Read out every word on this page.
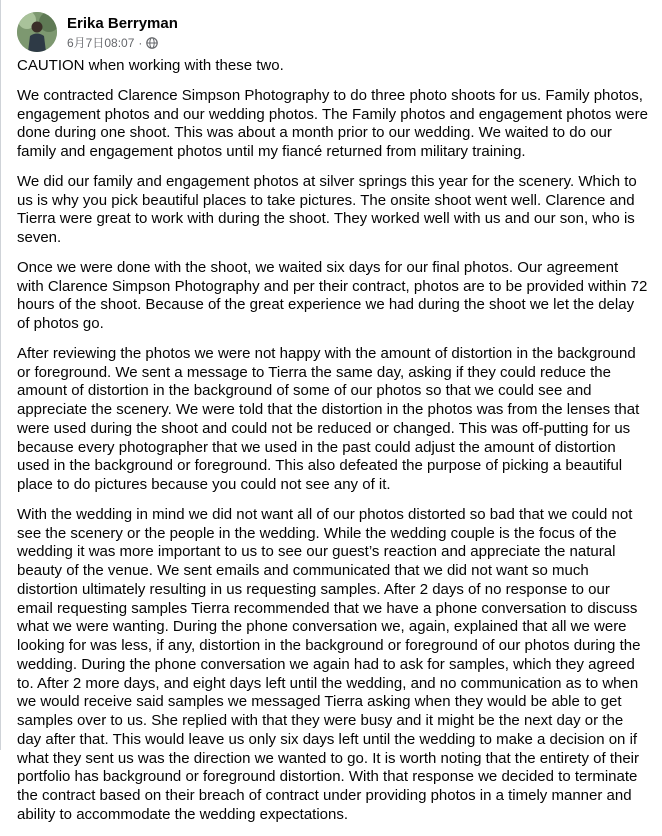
Erika Berryman
6月7日08:07 ·

CAUTION when working with these two.

We contracted Clarence Simpson Photography to do three photo shoots for us. Family photos, engagement photos and our wedding photos. The Family photos and engagement photos were done during one shoot. This was about a month prior to our wedding. We waited to do our family and engagement photos until my fiancé returned from military training.

We did our family and engagement photos at silver springs this year for the scenery. Which to us is why you pick beautiful places to take pictures. The onsite shoot went well. Clarence and Tierra were great to work with during the shoot. They worked well with us and our son, who is seven.

Once we were done with the shoot, we waited six days for our final photos. Our agreement with Clarence Simpson Photography and per their contract, photos are to be provided within 72 hours of the shoot. Because of the great experience we had during the shoot we let the delay of photos go.

After reviewing the photos we were not happy with the amount of distortion in the background or foreground. We sent a message to Tierra the same day, asking if they could reduce the amount of distortion in the background of some of our photos so that we could see and appreciate the scenery. We were told that the distortion in the photos was from the lenses that were used during the shoot and could not be reduced or changed. This was off-putting for us because every photographer that we used in the past could adjust the amount of distortion used in the background or foreground. This also defeated the purpose of picking a beautiful place to do pictures because you could not see any of it.

With the wedding in mind we did not want all of our photos distorted so bad that we could not see the scenery or the people in the wedding. While the wedding couple is the focus of the wedding it was more important to us to see our guest’s reaction and appreciate the natural beauty of the venue. We sent emails and communicated that we did not want so much distortion ultimately resulting in us requesting samples. After 2 days of no response to our email requesting samples Tierra recommended that we have a phone conversation to discuss what we were wanting. During the phone conversation we, again, explained that all we were looking for was less, if any, distortion in the background or foreground of our photos during the wedding. During the phone conversation we again had to ask for samples, which they agreed to. After 2 more days, and eight days left until the wedding, and no communication as to when we would receive said samples we messaged Tierra asking when they would be able to get samples over to us. She replied with that they were busy and it might be the next day or the day after that. This would leave us only six days left until the wedding to make a decision on if what they sent us was the direction we wanted to go. It is worth noting that the entirety of their portfolio has background or foreground distortion. With that response we decided to terminate the contract based on their breach of contract under providing photos in a timely manner and ability to accommodate the wedding expectations.
